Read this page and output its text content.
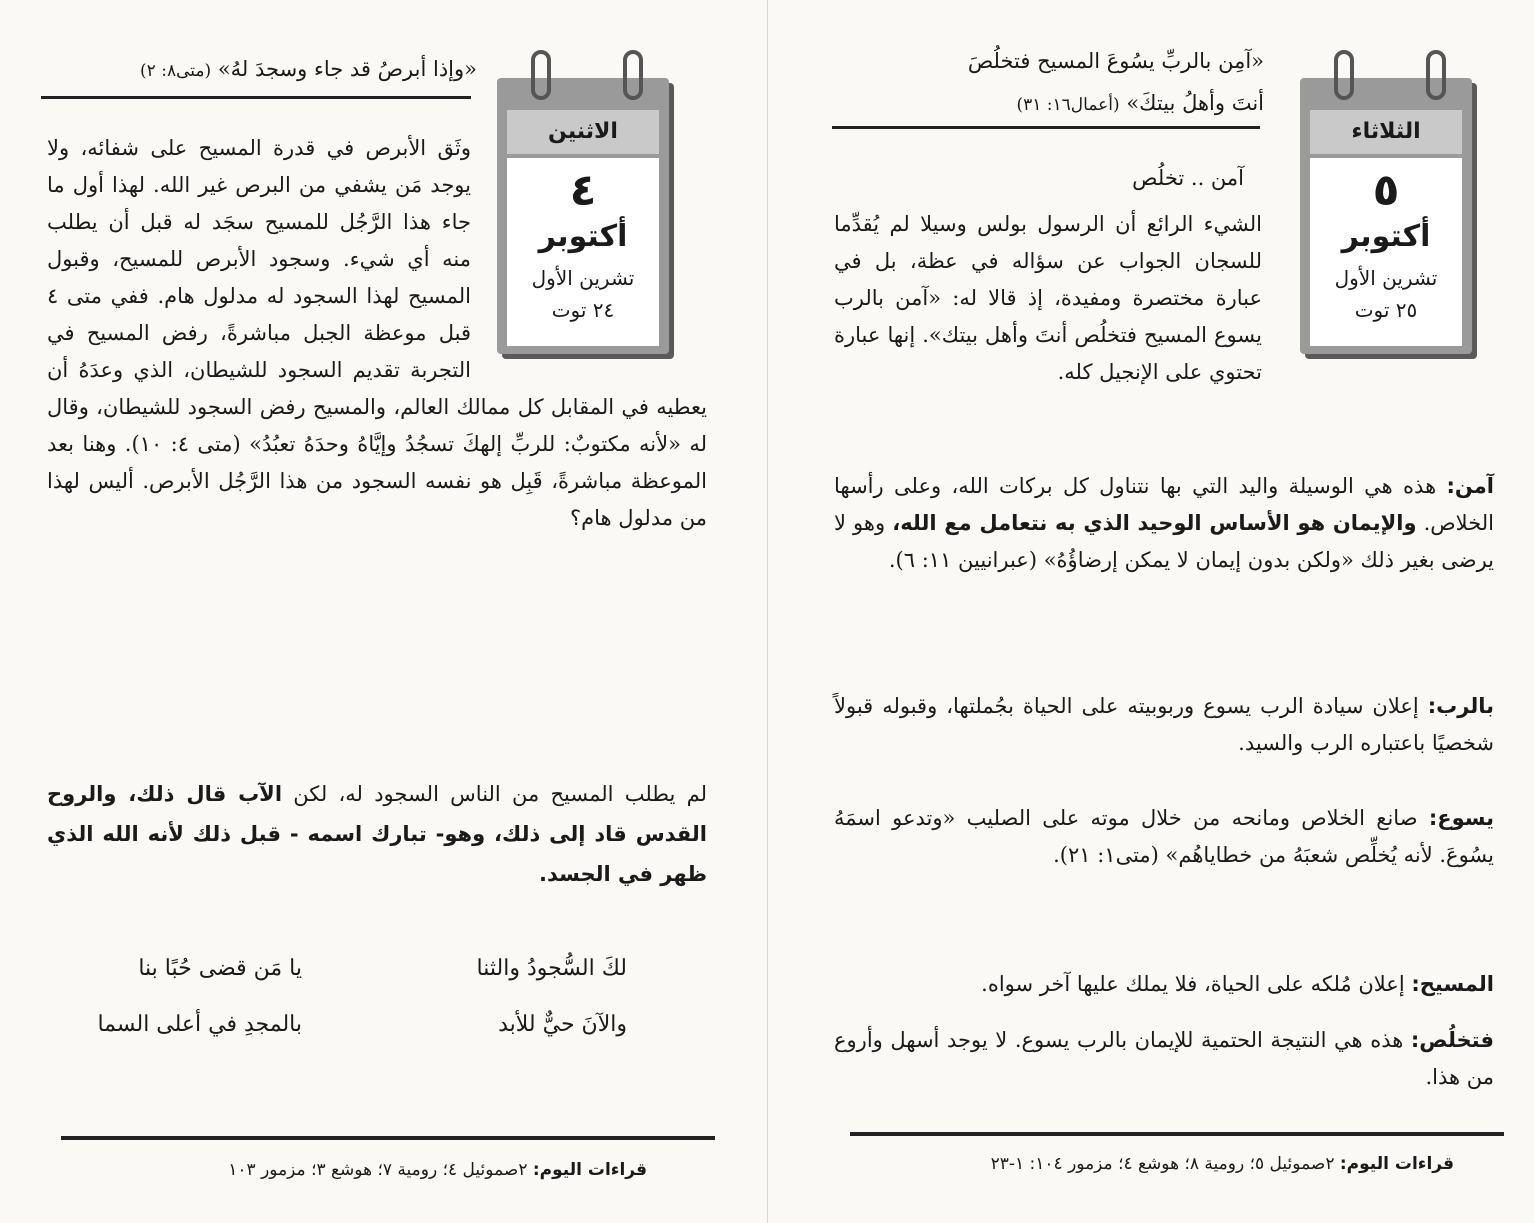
«وإذا أبرصُ قد جاء وسجدَ لهُ» (متى٨: ٢)
الاثنين
٤
أكتوبر
تشرين الأول
٢٤ توت
وثَق الأبرص في قدرة المسيح على شفائه، ولا يوجد مَن يشفي من البرص غير الله. لهذا أول ما جاء هذا الرَّجُل للمسيح سجَد له قبل أن يطلب منه أي شيء. وسجود الأبرص للمسيح، وقبول المسيح لهذا السجود له مدلول هام. ففي متى ٤ قبل موعظة الجبل مباشرةً، رفض المسيح في التجربة تقديم السجود للشيطان، الذي وعدَهُ أن يعطيه في المقابل كل ممالك العالم، والمسيح رفض السجود للشيطان، وقال له «لأنه مكتوبٌ: للربِّ إلهكَ تسجُدُ وإيَّاهُ وحدَهُ تعبُدُ» (متى ٤: ١٠). وهنا بعد الموعظة مباشرةً، قَبِل هو نفسه السجود من هذا الرَّجُل الأبرص. أليس لهذا من مدلول هام؟
لم يطلب المسيح من الناس السجود له، لكن الآب قال ذلك، والروح القدس قاد إلى ذلك، وهو- تبارك اسمه - قبل ذلك لأنه الله الذي ظهر في الجسد.
لكَ السُّجودُ والثنا
يا مَن قضى حُبًا بنا
والآنَ حيٌّ للأبد
بالمجدِ في أعلى السما
قراءات اليوم: ٢صموئيل ٤؛ رومية ٧؛ هوشع ٣؛ مزمور ١٠٣
«آمِن بالربِّ يسُوعَ المسيح فتخلُصَ
أنتَ وأهلُ بيتكَ» (أعمال١٦: ٣١)
الثلاثاء
٥
أكتوبر
تشرين الأول
٢٥ توت
آمن .. تخلُص
الشيء الرائع أن الرسول بولس وسيلا لم يُقدِّما للسجان الجواب عن سؤاله في عظة، بل في عبارة مختصرة ومفيدة، إذ قالا له: «آمن بالرب يسوع المسيح فتخلُص أنتَ وأهل بيتك». إنها عبارة تحتوي على الإنجيل كله.
آمن: هذه هي الوسيلة واليد التي بها نتناول كل بركات الله، وعلى رأسها الخلاص. والإيمان هو الأساس الوحيد الذي به نتعامل مع الله، وهو لا يرضى بغير ذلك «ولكن بدون إيمان لا يمكن إرضاؤُهُ» (عبرانيين ١١: ٦).
بالرب: إعلان سيادة الرب يسوع وربوبيته على الحياة بجُملتها، وقبوله قبولاً شخصيًا باعتباره الرب والسيد.
يسوع: صانع الخلاص ومانحه من خلال موته على الصليب «وتدعو اسمَهُ يسُوعَ. لأنه يُخلِّص شعبَهُ من خطاياهُم» (متى١: ٢١).
المسيح: إعلان مُلكه على الحياة، فلا يملك عليها آخر سواه.
فتخلُص: هذه هي النتيجة الحتمية للإيمان بالرب يسوع. لا يوجد أسهل وأروع من هذا.
قراءات اليوم: ٢صموئيل ٥؛ رومية ٨؛ هوشع ٤؛ مزمور ١٠٤: ١-٢٣
